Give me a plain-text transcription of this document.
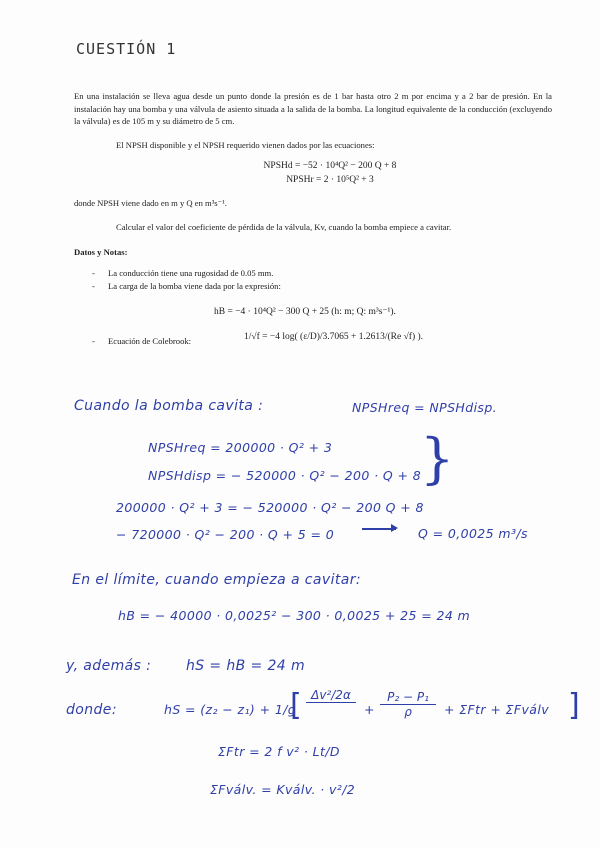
CUESTIÓN 1
En una instalación se lleva agua desde un punto donde la presión es de 1 bar hasta otro 2 m por encima y a 2 bar de presión. En la instalación hay una bomba y una válvula de asiento situada a la salida de la bomba. La longitud equivalente de la conducción (excluyendo la válvula) es de 105 m y su diámetro de 5 cm.
El NPSH disponible y el NPSH requerido vienen dados por las ecuaciones:
NPSHd = −52 · 10⁴Q² − 200 Q + 8
NPSHr = 2 · 10⁵Q² + 3
donde NPSH viene dado en m y Q en m³s⁻¹.
Calcular el valor del coeficiente de pérdida de la válvula, Kv, cuando la bomba empiece a cavitar.
Datos y Notas:
- La conducción tiene una rugosidad de 0.05 mm.
- La carga de la bomba viene dada por la expresión:
hB = −4 · 10⁴Q² − 300 Q + 25 (h: m; Q: m³s⁻¹).
- Ecuación de Colebrook:	1/√f = −4 log( (ε/D)/3.7065 + 1.2613/(Re √f) ).
Cuando la bomba cavita :	NPSHreq = NPSHdisp.
NPSHreq = 200000 · Q² + 3
NPSHdisp = − 520000 · Q² − 200 · Q + 8
}
200000 · Q² + 3 = − 520000 · Q² − 200 Q + 8
− 720000 · Q² − 200 · Q + 5 = 0	Q = 0,0025 m³/s
En el límite, cuando empieza a cavitar:
hB = − 40000 · 0,0025² − 300 · 0,0025 + 25 = 24 m
y, además : hS = hB = 24 m
donde:	hS = (z₂ − z₁) + 1/g
[ Δv²/2α
+ $\frac{\text{P₂ − P₁}}{\rho} + \Sigma Ftr$ + ΣFválv ]
ΣFtr = 2 f v² · Lt/D
ΣFválv. = Kválv. · v²/2
